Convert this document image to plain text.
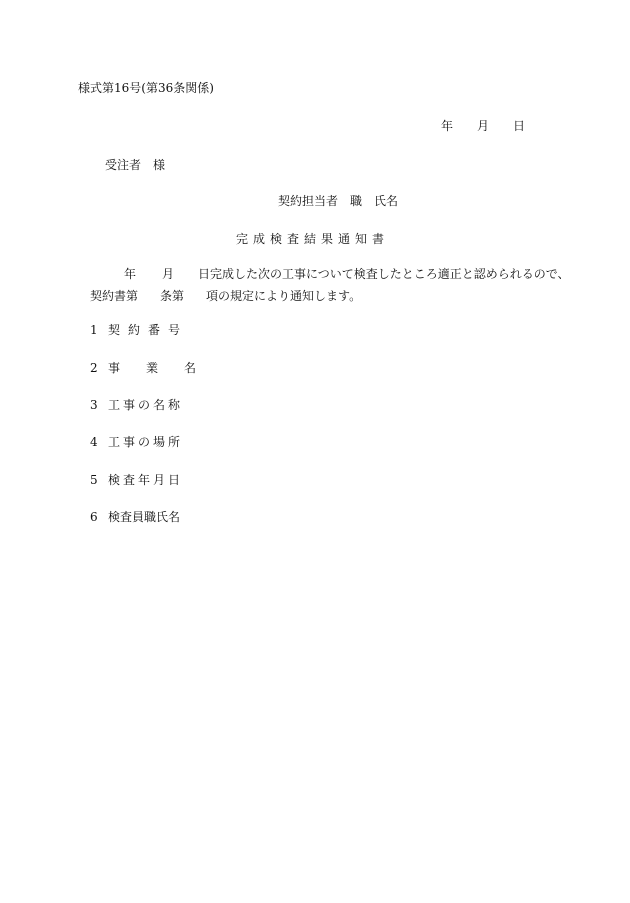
様式第16号(第36条関係)
年 月 日
受注者 様
契約担当者 職　氏名
完成検査結果通知書
年 月 日完成した次の工事について検査したところ適正と認められるので、
契約書第 条第 項の規定により通知します。
1 契約番号
2 事業名
3 工事の名称
4 工事の場所
5 検査年月日
6 検査員職氏名
